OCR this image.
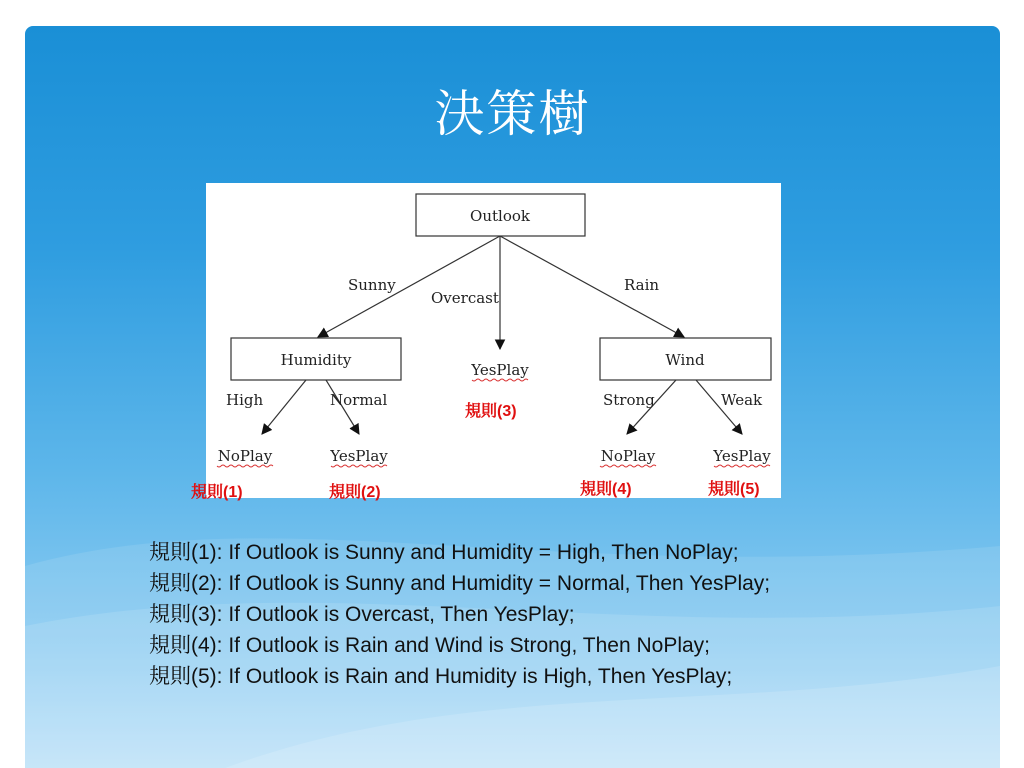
決策樹
Outlook
Sunny
Overcast
Rain
Humidity	Wind
YesPlay
High	Normal	Strong	Weak
NoPlay	YesPlay	NoPlay	YesPlay
規則(3)
規則(1)	規則(2)	規則(4)	規則(5)
規則(1): If Outlook is Sunny and Humidity = High, Then NoPlay;
規則(2): If Outlook is Sunny and Humidity = Normal, Then YesPlay;
規則(3): If Outlook is Overcast, Then YesPlay;
規則(4): If Outlook is Rain and Wind is Strong, Then NoPlay;
規則(5): If Outlook is Rain and Humidity is High, Then YesPlay;
